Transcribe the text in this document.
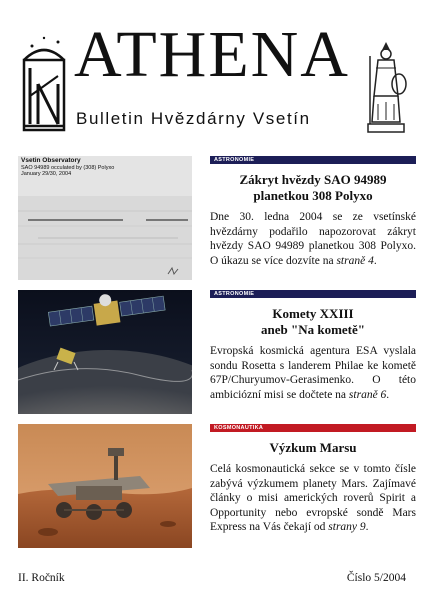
ATHENA
Bulletin Hvězdárny Vsetín
Vsetin Observatory
SAO 94989 occulated by (308) Polyxo
January 29/30, 2004
ASTRONOMIE
Zákryt hvězdy SAO 94989
planetkou 308 Polyxo

Dne 30. ledna 2004 se ze vsetínské hvězdárny podařilo napozorovat zákryt hvězdy SAO 94989 planetkou 308 Polyxo. O úkazu se více dozvíte na straně 4.

ASTRONOMIE
Komety XXIII
aneb "Na kometě"

Evropská kosmická agentura ESA vyslala sondu Rosetta s landerem Philae ke kometě 67P/Churyumov-Gerasimenko. O této ambiciózní misi se dočtete na straně 6.

KOSMONAUTIKA
Výzkum Marsu

Celá kosmonautická sekce se v tomto čísle zabývá výzkumem planety Mars. Zajímavé články o misi amerických roverů Spirit a Opportunity nebo evropské sondě Mars Express na Vás čekají od strany 9.

II. Ročník	Číslo 5/2004
